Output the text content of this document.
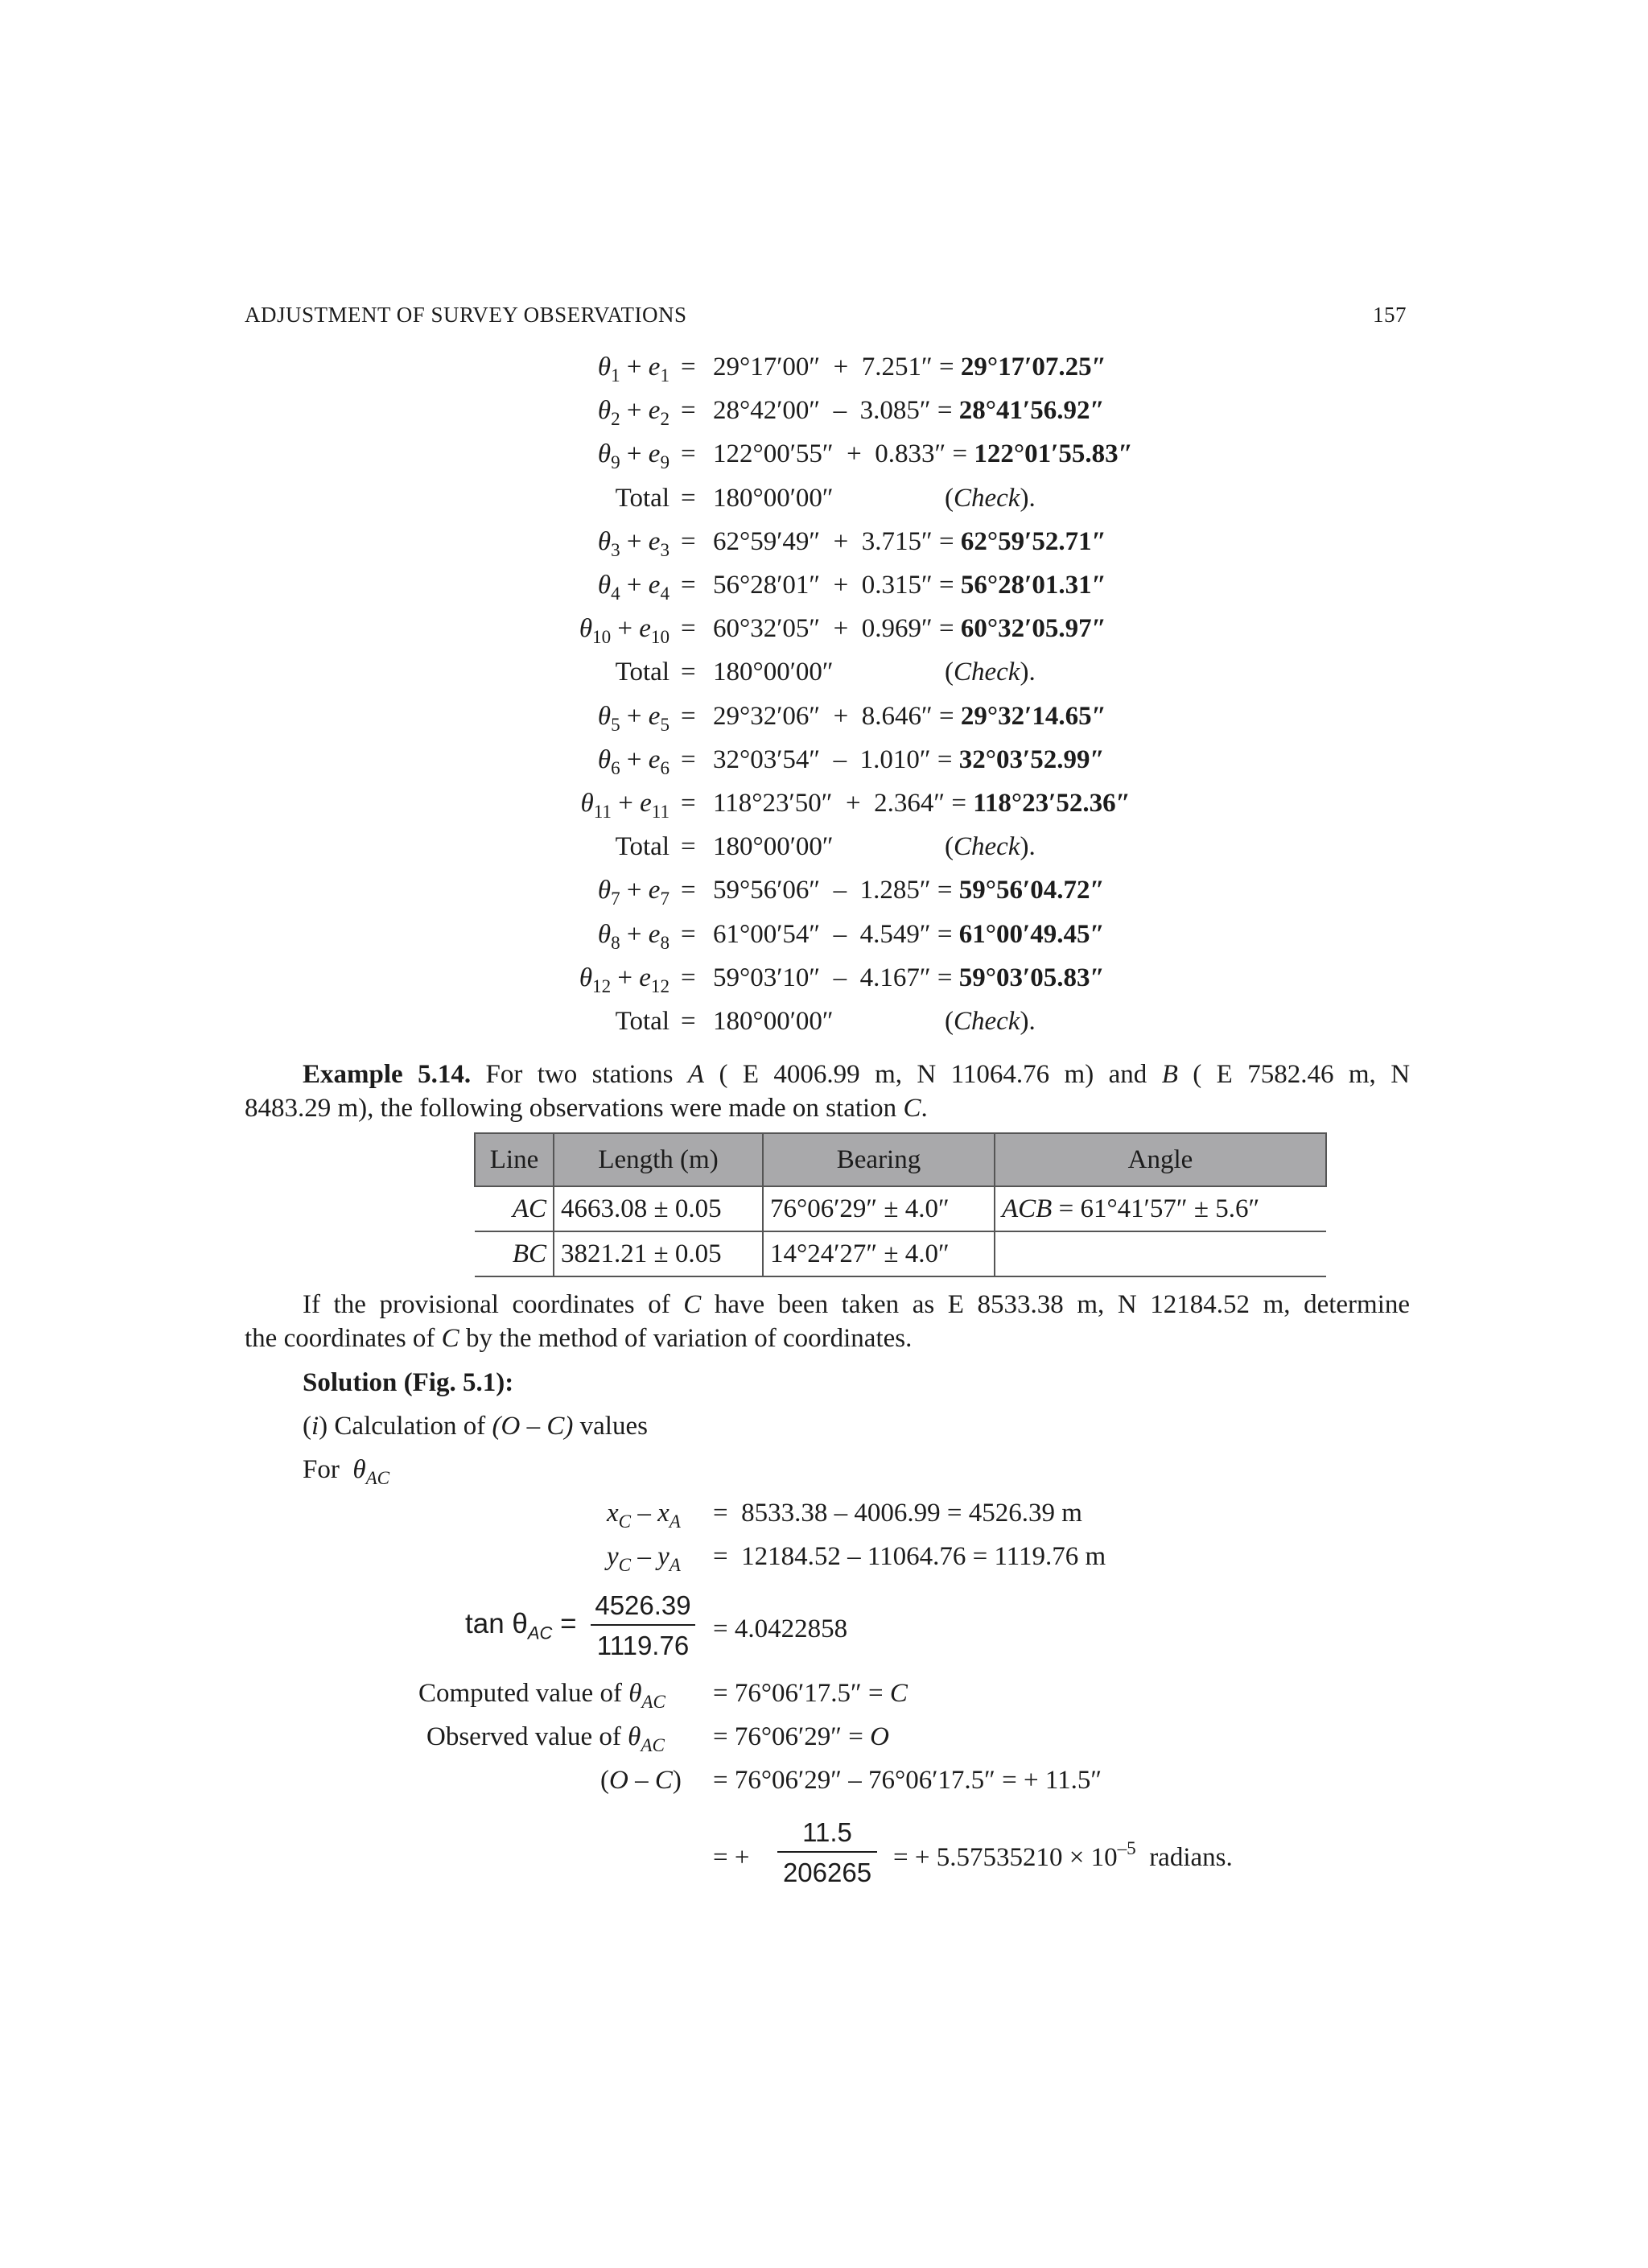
ADJUSTMENT OF SURVEY OBSERVATIONS	157
$\theta_1 + e_1 = 29^\circ 17'00'' + 7.251'' = 29^\circ 17'07.25''$
$\theta_2 + e_2 = 28^\circ 42'00'' - 3.085'' = 28^\circ 41'56.92''$
$\theta_9 + e_9 = 122^\circ 00'55'' + 0.833'' = 122^\circ 01'55.83''$
Total = 180°00′00″	(Check).
$\theta_3 + e_3 = 62^\circ 59'49'' + 3.715'' = 62^\circ 59'52.71''$
$\theta_4 + e_4 = 56^\circ 28'01'' + 0.315'' = 56^\circ 28'01.31''$
$\theta_{10} + e_{10} = 60^\circ 32'05'' + 0.969'' = 60^\circ 32'05.97''$
Total = 180°00′00″	(Check).
$\theta_5 + e_5 = 29^\circ 32'06'' + 8.646'' = 29^\circ 32'14.65''$
$\theta_6 + e_6 = 32^\circ 03'54'' - 1.010'' = 32^\circ 03'52.99''$
$\theta_{11} + e_{11} = 118^\circ 23'50'' + 2.364'' = 118^\circ 23'52.36''$
Total = 180°00′00″	(Check).
$\theta_7 + e_7 = 59^\circ 56'06'' - 1.285'' = 59^\circ 56'04.72''$
$\theta_8 + e_8 = 61^\circ 00'54'' - 4.549'' = 61^\circ 00'49.45''$
$\theta_{12} + e_{12} = 59^\circ 03'10'' - 4.167'' = 59^\circ 03'05.83''$
Total = 180°00′00″	(Check).
Example 5.14. For two stations A ( E 4006.99 m, N 11064.76 m) and B ( E 7582.46 m, N
8483.29 m), the following observations were made on station C.
Line	Length (m)	Bearing	Angle
AC	4663.08 ± 0.05	76°06′29″ ± 4.0″	ACB = 61°41′57″ ± 5.6″
BC	3821.21 ± 0.05	14°24′27″ ± 4.0″	
If the provisional coordinates of C have been taken as E 8533.38 m, N 12184.52 m, determine
the coordinates of C by the method of variation of coordinates.
Solution (Fig. 5.1):
(i) Calculation of (O – C) values
For $\theta_{AC}$
$x_C - x_A = 8533.38 - 4006.99 = 4526.39$ m
$y_C - y_A = 12184.52 - 11064.76 = 1119.76$ m
$\tan \theta_{AC} = \frac{4526.39}{1119.76} = 4.0422858$
Computed value of $\theta_{AC} = 76^\circ 06'17.5'' = C$
Observed value of $\theta_{AC} = 76^\circ 06'29'' = O$
(O – C) = 76°06′29″ – 76°06′17.5″ = + 11.5″
= + $\frac{11.5}{206265}$ = + $5.57535210 \times 10^{-5}$ radians.
